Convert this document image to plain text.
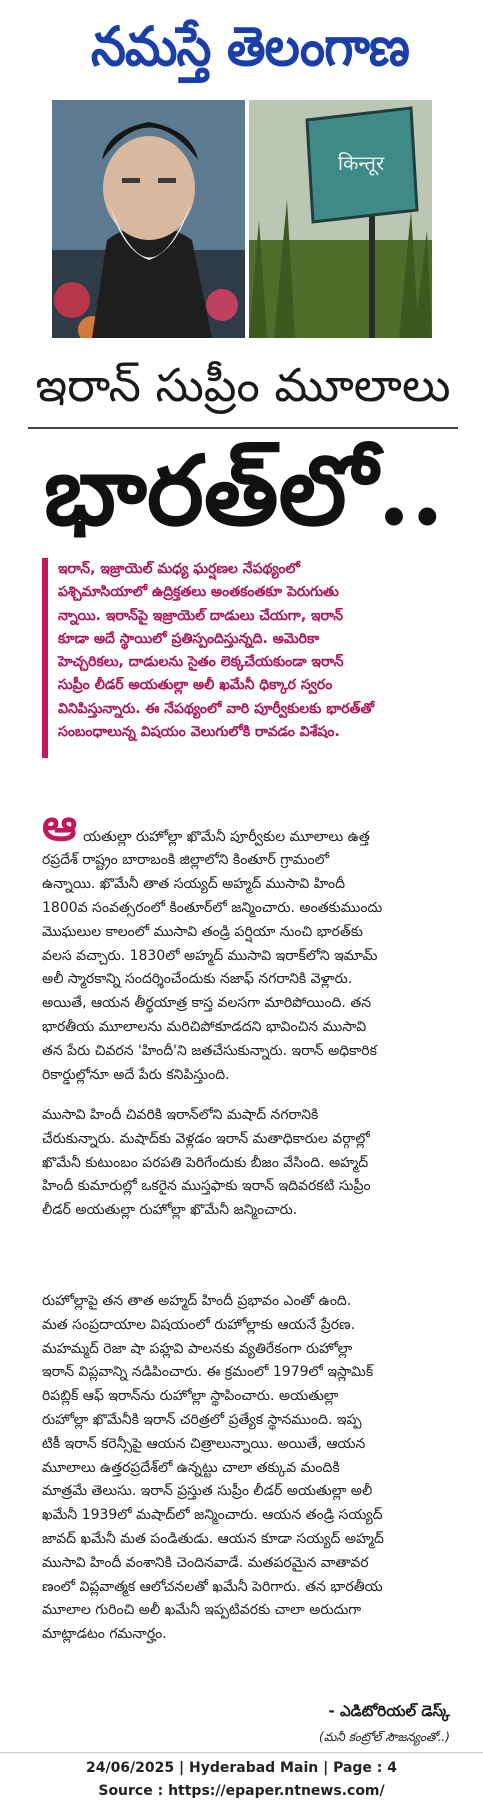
నమస్తే తెలంగాణ
किन्तूर
ఇరాన్ సుప్రీం మూలాలు
భారత్‌లో..

ఇరాన్, ఇజ్రాయెల్ మధ్య ఘర్షణల నేపథ్యంలో
పశ్చిమాసియాలో ఉద్రిక్తతలు అంతకంతకూ పెరుగుతు
న్నాయి. ఇరాన్‌పై ఇజ్రాయెల్ దాడులు చేయగా, ఇరాన్
కూడా అదే స్థాయిలో ప్రతిస్పందిస్తున్నది. అమెరికా
హెచ్చరికలు, దాడులను సైతం లెక్కచేయకుండా ఇరాన్
సుప్రీం లీడర్ అయతుల్లా అలీ ఖమేనీ ధిక్కార స్వరం
వినిపిస్తున్నారు. ఈ నేపథ్యంలో వారి పూర్వీకులకు భారత్‌తో
సంబంధాలున్న విషయం వెలుగులోకి రావడం విశేషం.

ఆ యతుల్లా రుహోల్లా ఖొమేనీ పూర్వీకుల మూలాలు ఉత్త
రప్రదేశ్ రాష్ట్రం బారాబంకి జిల్లాలోని కింతూర్ గ్రామంలో
ఉన్నాయి. ఖొమేనీ తాత సయ్యద్ అహ్మద్ ముసావి హిందీ
1800వ సంవత్సరంలో కింతూర్‌లో జన్మించారు. అంతకుముందు
మొఘలుల కాలంలో ముసావి తండ్రి పర్షియా నుంచి భారత్‌కు
వలస వచ్చారు. 1830లో అహ్మద్ ముసావి ఇరాక్‌లోని ఇమామ్
అలీ స్మారకాన్ని సందర్శించేందుకు నజాఫ్ నగరానికి వెళ్లారు.
అయితే, ఆయన తీర్థయాత్ర కాస్త వలసగా మారిపోయింది. తన
భారతీయ మూలాలను మరిచిపోకూడదని భావించిన ముసావి
తన పేరు చివరన 'హిందీ'ని జతచేసుకున్నారు. ఇరాన్ అధికారిక
రికార్డుల్లోనూ అదే పేరు కనిపిస్తుంది.

ముసావి హిందీ చివరికి ఇరాన్‌లోని మషాద్ నగరానికి
చేరుకున్నారు. మషాద్‌కు వెళ్లడం ఇరాన్ మతాధికారుల వర్గాల్లో
ఖొమేనీ కుటుంబం పరపతి పెరిగేందుకు బీజం వేసింది. అహ్మద్
హిందీ కుమారుల్లో ఒకరైన ముస్తఫాకు ఇరాన్ ఇదివరకటి సుప్రీం
లీడర్ అయతుల్లా రుహోల్లా ఖొమేనీ జన్మించారు.

రుహోల్లాపై తన తాత అహ్మద్ హిందీ ప్రభావం ఎంతో ఉంది.
మత సంప్రదాయాల విషయంలో రుహోల్లాకు ఆయనే ప్రేరణ.
మహమ్మద్ రెజా షా పహ్లవి పాలనకు వ్యతిరేకంగా రుహోల్లా
ఇరాన్ విప్లవాన్ని నడిపించారు. ఈ క్రమంలో 1979లో ఇస్లామిక్
రిపబ్లిక్ ఆఫ్ ఇరాన్‌ను రుహోల్లా స్థాపించారు. అయతుల్లా
రుహోల్లా ఖొమేనీకి ఇరాన్ చరిత్రలో ప్రత్యేక స్థానముంది. ఇప్ప
టికీ ఇరాన్ కరెన్సీపై ఆయన చిత్రాలున్నాయి. అయితే, ఆయన
మూలాలు ఉత్తరప్రదేశ్‌లో ఉన్నట్టు చాలా తక్కువ మందికి
మాత్రమే తెలుసు. ఇరాన్ ప్రస్తుత సుప్రీం లీడర్ అయతుల్లా అలీ
ఖమేనీ 1939లో మషాద్‌లో జన్మించారు. ఆయన తండ్రి సయ్యద్
జావద్ ఖమేనీ మత పండితుడు. ఆయన కూడా సయ్యద్ అహ్మద్
ముసావి హిందీ వంశానికి చెందినవాడే. మతపరమైన వాతావర
ణంలో విప్లవాత్మక ఆలోచనలతో ఖమేనీ పెరిగారు. తన భారతీయ
మూలాల గురించి అలీ ఖమేనీ ఇప్పటివరకు చాలా అరుదుగా
మాట్లాడటం గమనార్హం.

- ఎడిటోరియల్ డెస్క్

(మనీ కంట్రోల్ సౌజన్యంతో..)

24/06/2025 | Hyderabad Main | Page : 4

Source : https://epaper.ntnews.com/
